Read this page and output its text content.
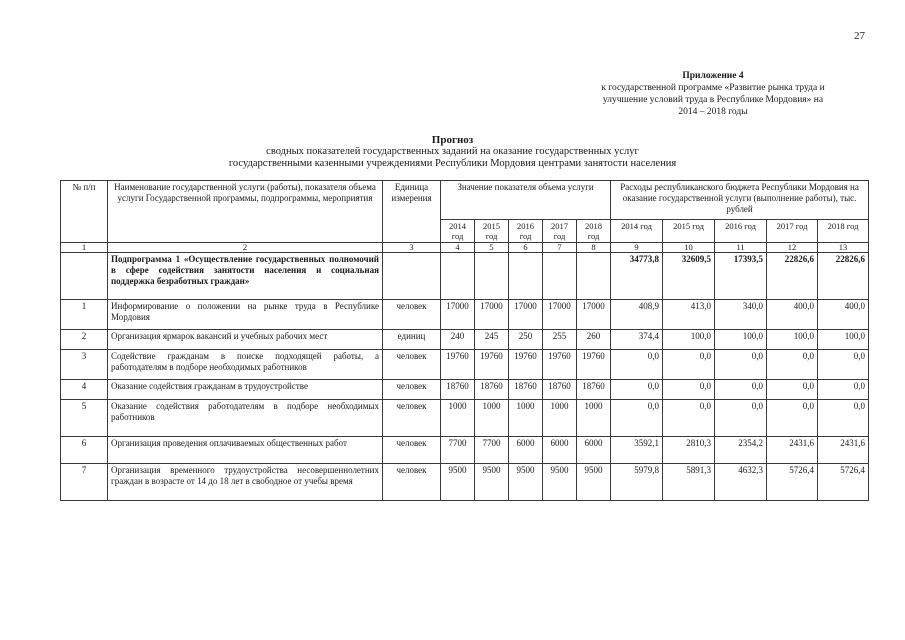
27
Приложение 4
к государственной программе «Развитие рынка труда и
улучшение условий труда в Республике Мордовия» на
2014 – 2018 годы
Прогноз
сводных показателей государственных заданий на оказание государственных услуг
государственными казенными учреждениями Республики Мордовия центрами занятости населения
№ п/п	Наименование государственной услуги (работы), показателя объема услуги Государственной программы, подпрограммы, мероприятия	Единица измерения	Значение показателя объема услуги					Расходы республиканского бюджета Республики Мордовия на оказание государственной услуги (выполнение работы), тыс. рублей				
			2014 год	2015 год	2016 год	2017 год	2018 год	2014 год	2015 год	2016 год	2017 год	2018 год
1	2	3	4	5	6	7	8	9	10	11	12	13
	Подпрограмма 1 «Осуществление государственных полномочий в сфере содействия занятости населения и социальная поддержка безработных граждан»							34773,8	32609,5	17393,5	22826,6	22826,6
1	Информирование о положении на рынке труда в Республике Мордовия	человек	17000	17000	17000	17000	17000	408,9	413,0	340,0	400,0	400,0
2	Организация ярмарок вакансий и учебных рабочих мест	единиц	240	245	250	255	260	374,4	100,0	100,0	100,0	100,0
3	Содействие гражданам в поиске подходящей работы, а работодателям в подборе необходимых работников	человек	19760	19760	19760	19760	19760	0,0	0,0	0,0	0,0	0,0
4	Оказание содействия гражданам в трудоустройстве	человек	18760	18760	18760	18760	18760	0,0	0,0	0,0	0,0	0,0
5	Оказание содействия работодателям в подборе необходимых работников	человек	1000	1000	1000	1000	1000	0,0	0,0	0,0	0,0	0,0
6	Организация проведения оплачиваемых общественных работ	человек	7700	7700	6000	6000	6000	3592,1	2810,3	2354,2	2431,6	2431,6
7	Организация временного трудоустройства несовершеннолетних граждан в возрасте от 14 до 18 лет в свободное от учебы время	человек	9500	9500	9500	9500	9500	5979,8	5891,3	4632,3	5726,4	5726,4
